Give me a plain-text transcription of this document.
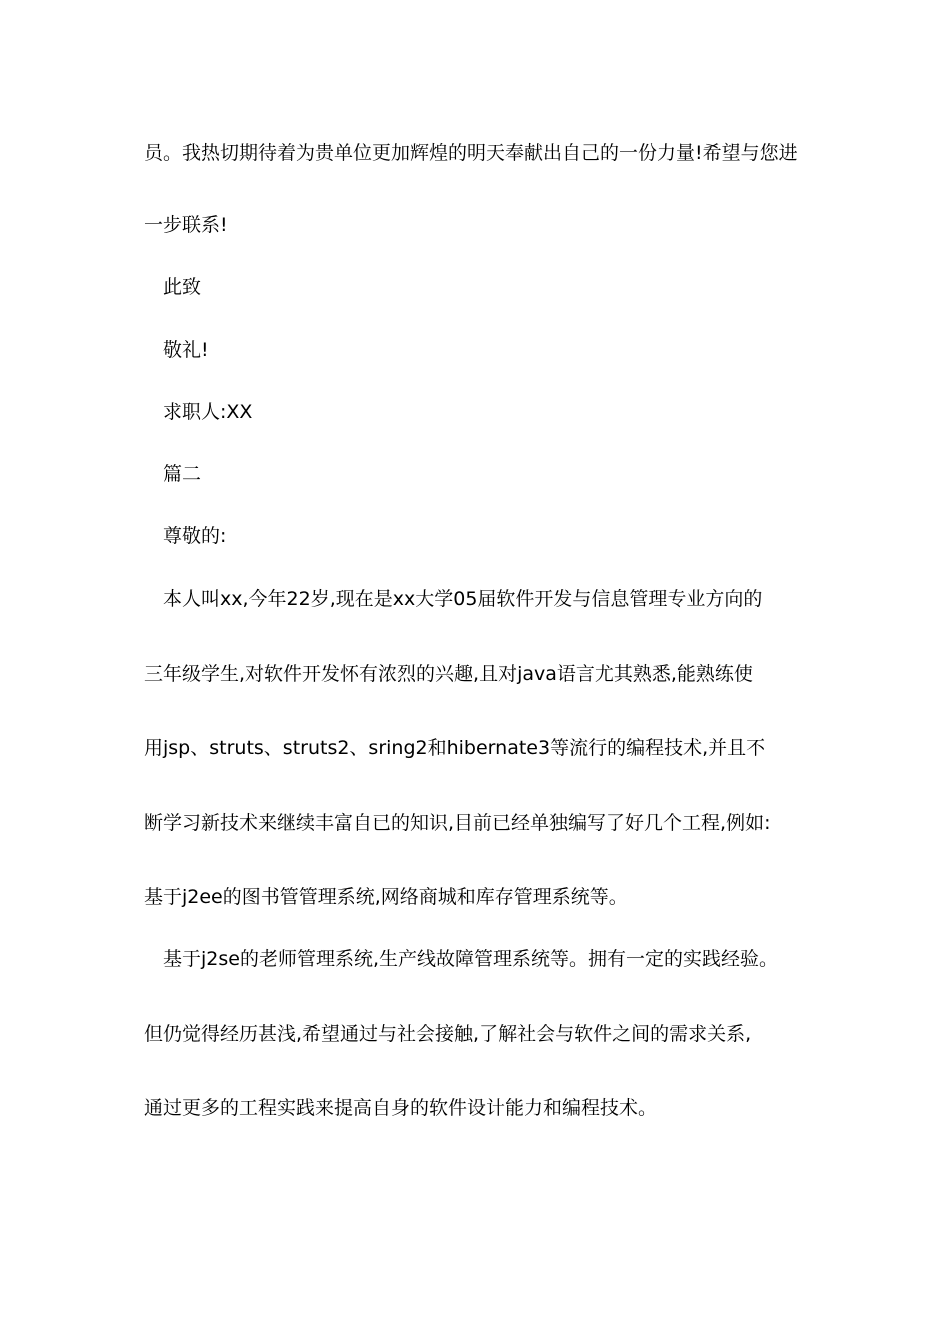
员。我热切期待着为贵单位更加辉煌的明天奉献出自己的一份力量!希望与您进
一步联系!
此致
敬礼!
求职人:XX
篇二
尊敬的:
本人叫xx,今年22岁,现在是xx大学05届软件开发与信息管理专业方向的
三年级学生,对软件开发怀有浓烈的兴趣,且对java语言尤其熟悉,能熟练使
用jsp、struts、struts2、sring2和hibernate3等流行的编程技术,并且不
断学习新技术来继续丰富自已的知识,目前已经单独编写了好几个工程,例如:
基于j2ee的图书管管理系统,网络商城和库存管理系统等。
基于j2se的老师管理系统,生产线故障管理系统等。拥有一定的实践经验。
但仍觉得经历甚浅,希望通过与社会接触,了解社会与软件之间的需求关系,
通过更多的工程实践来提高自身的软件设计能力和编程技术。
